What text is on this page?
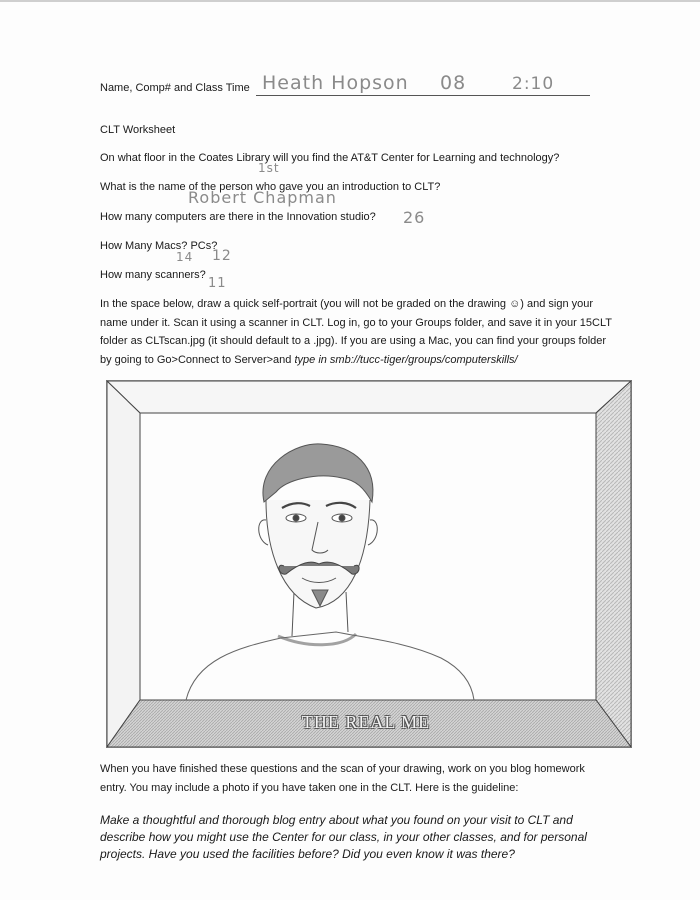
Name, Comp# and Class Time Heath Hopson 08	2:10
CLT Worksheet
On what floor in the Coates Library will you find the AT&T Center for Learning and technology?
1st
What is the name of the person who gave you an introduction to CLT?
Robert Chapman
How many computers are there in the Innovation studio? 26
How Many Macs? PCs?
14 12
How many scanners?
11
In the space below, draw a quick self-portrait (you will not be graded on the drawing ☺) and sign your
name under it. Scan it using a scanner in CLT. Log in, go to your Groups folder, and save it in your 15CLT
folder as CLTscan.jpg (it should default to a .jpg). If you are using a Mac, you can find your groups folder
by going to Go>Connect to Server>and type in smb://tucc-tiger/groups/computerskills/
THE REAL ME
When you have finished these questions and the scan of your drawing, work on you blog homework
entry. You may include a photo if you have taken one in the CLT. Here is the guideline:
Make a thoughtful and thorough blog entry about what you found on your visit to CLT and
describe how you might use the Center for our class, in your other classes, and for personal
projects. Have you used the facilities before? Did you even know it was there?
